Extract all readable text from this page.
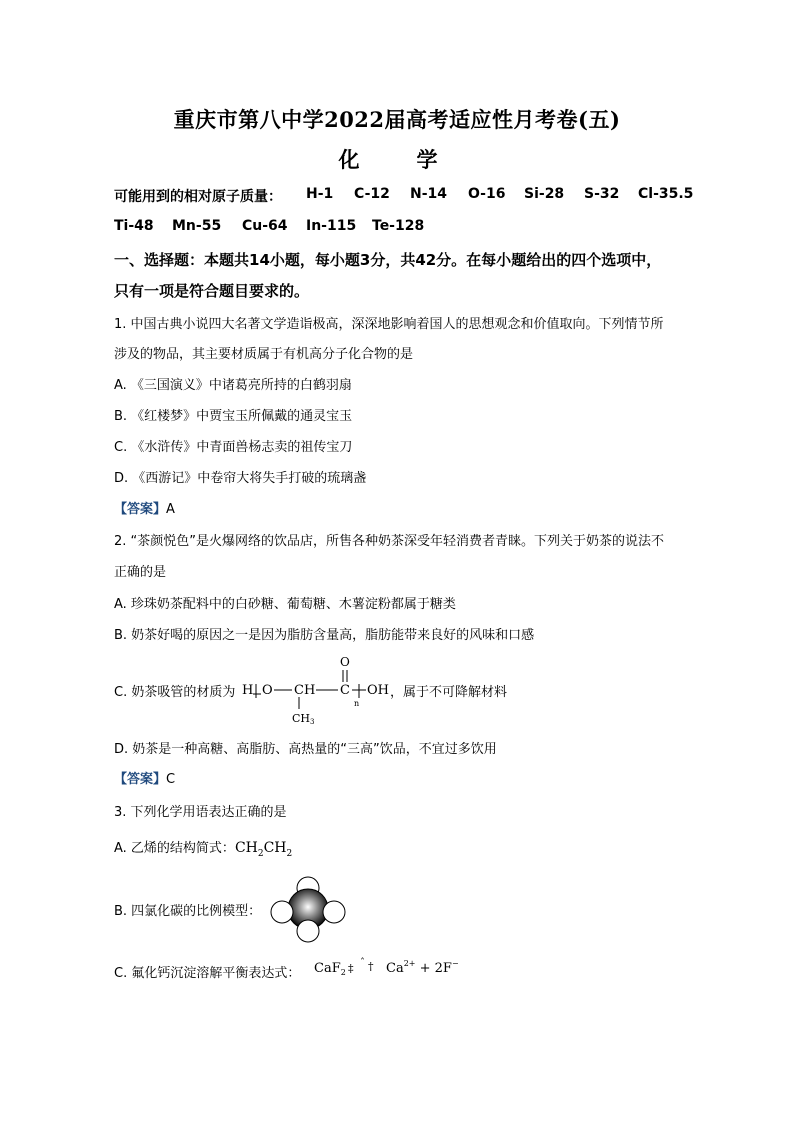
重庆市第八中学2022届高考适应性月考卷(五)
化　学
可能用到的相对原子质量： H-1 C-12 N-14 O-16 Si-28 S-32 Cl-35.5
Ti-48 Mn-55 Cu-64 In-115 Te-128
一、选择题：本题共14小题，每小题3分，共42分。在每小题给出的四个选项中，
只有一项是符合题目要求的。
1. 中国古典小说四大名著文学造诣极高，深深地影响着国人的思想观念和价值取向。下列情节所
涉及的物品，其主要材质属于有机高分子化合物的是
A. 《三国演义》中诸葛亮所持的白鹤羽扇
B. 《红楼梦》中贾宝玉所佩戴的通灵宝玉
C. 《水浒传》中青面兽杨志卖的祖传宝刀
D. 《西游记》中卷帘大将失手打破的琉璃盏
【答案】A
2. “茶颜悦色”是火爆网络的饮品店，所售各种奶茶深受年轻消费者青睐。下列关于奶茶的说法不
正确的是
A. 珍珠奶茶配料中的白砂糖、葡萄糖、木薯淀粉都属于糖类
B. 奶茶好喝的原因之一是因为脂肪含量高，脂肪能带来良好的风味和口感
C. 奶茶吸管的材质为 H O CH C
O
n
OH
CH3
，属于不可降解材料
D. 奶茶是一种高糖、高脂肪、高热量的“三高”饮品，不宜过多饮用
【答案】C
3. 下列化学用语表达正确的是
A. 乙烯的结构简式：$CH_2CH_2$
B. 四氯化碳的比例模型：
C. 氟化钙沉淀溶解平衡表达式： CaF$_2$ ‡ ˆ † $Ca^{2+} + 2F^-$
